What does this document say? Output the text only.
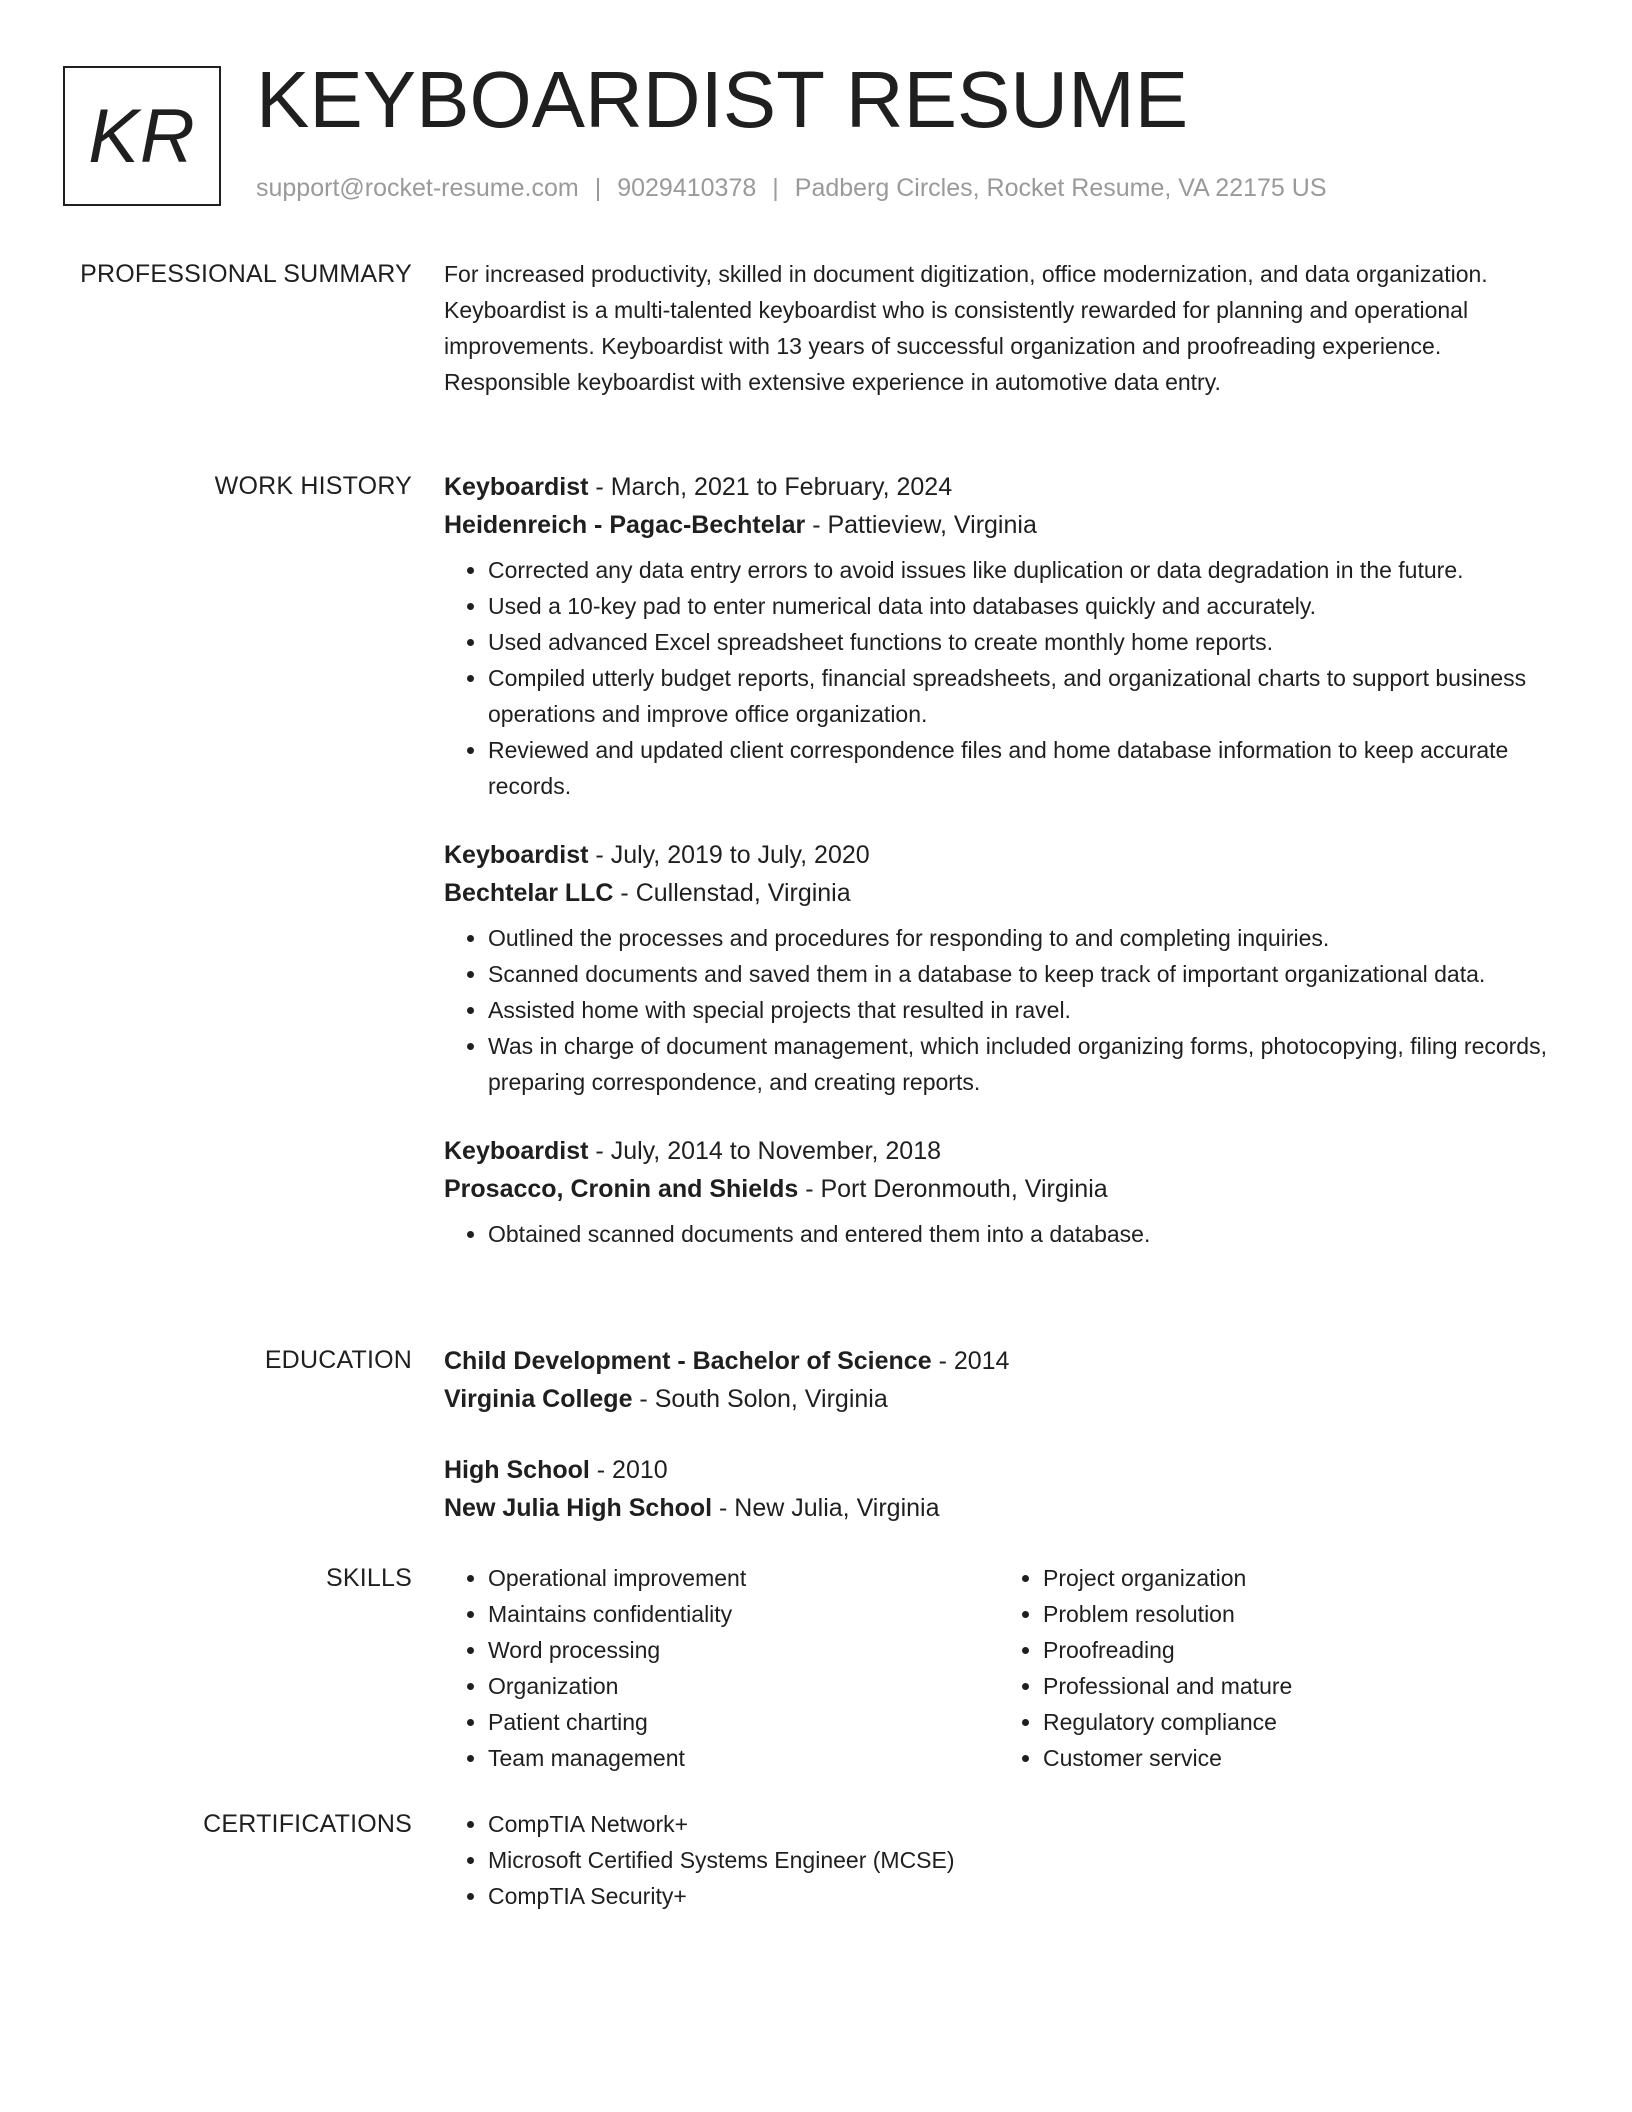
KR KEYBOARDIST RESUME
support@rocket-resume.com | 9029410378 | Padberg Circles, Rocket Resume, VA 22175 US
PROFESSIONAL SUMMARY For increased productivity, skilled in document digitization, office modernization, and data organization. Keyboardist is a multi-talented keyboardist who is consistently rewarded for planning and operational improvements. Keyboardist with 13 years of successful organization and proofreading experience. Responsible keyboardist with extensive experience in automotive data entry.

WORK HISTORY Keyboardist - March, 2021 to February, 2024
Heidenreich - Pagac-Bechtelar - Pattieview, Virginia
• Corrected any data entry errors to avoid issues like duplication or data degradation in the future.
• Used a 10-key pad to enter numerical data into databases quickly and accurately.
• Used advanced Excel spreadsheet functions to create monthly home reports.
• Compiled utterly budget reports, financial spreadsheets, and organizational charts to support business operations and improve office organization.
• Reviewed and updated client correspondence files and home database information to keep accurate records.
Keyboardist - July, 2019 to July, 2020
Bechtelar LLC - Cullenstad, Virginia
• Outlined the processes and procedures for responding to and completing inquiries.
• Scanned documents and saved them in a database to keep track of important organizational data.
• Assisted home with special projects that resulted in ravel.
• Was in charge of document management, which included organizing forms, photocopying, filing records, preparing correspondence, and creating reports.
Keyboardist - July, 2014 to November, 2018
Prosacco, Cronin and Shields - Port Deronmouth, Virginia
• Obtained scanned documents and entered them into a database.
EDUCATION Child Development - Bachelor of Science - 2014
Virginia College - South Solon, Virginia
High School - 2010
New Julia High School - New Julia, Virginia
SKILLS	• Operational improvement
• Maintains confidentiality
• Word processing
• Organization
• Patient charting
• Team management
• Project organization
• Problem resolution
• Proofreading
• Professional and mature
• Regulatory compliance
• Customer service
CERTIFICATIONS	• CompTIA Network+
• Microsoft Certified Systems Engineer (MCSE)
• CompTIA Security+
